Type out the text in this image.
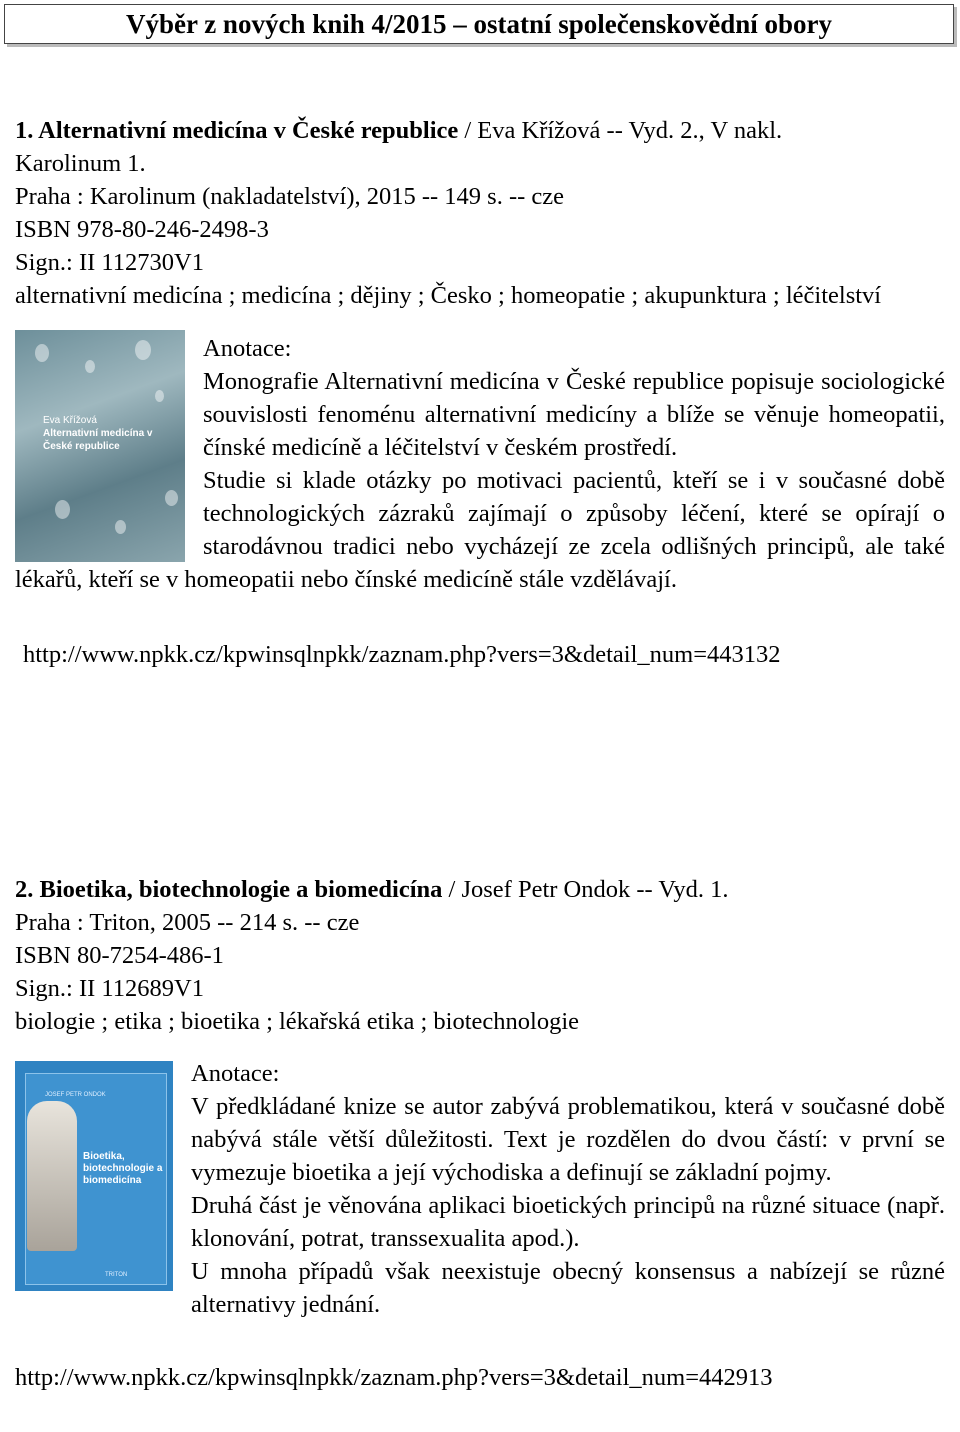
Výběr z nových knih 4/2015 – ostatní společenskovědní obory
1. Alternativní medicína v České republice / Eva Křížová -- Vyd. 2., V nakl.
Karolinum 1.
Praha : Karolinum (nakladatelství), 2015 -- 149 s. -- cze
ISBN 978-80-246-2498-3
Sign.: II 112730V1
alternativní medicína ; medicína ; dějiny ; Česko ; homeopatie ; akupunktura ; léčitelství
Eva Křížová
Alternativní medicína v České republice
Anotace:
Monografie Alternativní medicína v České republice popisuje sociologické souvislosti fenoménu alternativní medicíny a blíže se věnuje homeopatii, čínské medicíně a léčitelství v českém prostředí.
Studie si klade otázky po motivaci pacientů, kteří se i v současné době technologických zázraků zajímají o způsoby léčení, které se opírají o starodávnou tradici nebo vycházejí ze zcela odlišných principů, ale také lékařů, kteří se v homeopatii nebo čínské medicíně stále vzdělávají.
http://www.npkk.cz/kpwinsqlnpkk/zaznam.php?vers=3&detail_num=443132
2. Bioetika, biotechnologie a biomedicína / Josef Petr Ondok -- Vyd. 1.
Praha : Triton, 2005 -- 214 s. -- cze
ISBN 80-7254-486-1
Sign.: II 112689V1
biologie ; etika ; bioetika ; lékařská etika ; biotechnologie
JOSEF PETR ONDOK
Bioetika, biotechnologie a biomedicína
TRITON
Anotace:
V předkládané knize se autor zabývá problematikou, která v současné době nabývá stále větší důležitosti. Text je rozdělen do dvou částí: v první se vymezuje bioetika a její východiska a definují se základní pojmy.
Druhá část je věnována aplikaci bioetických principů na různé situace (např. klonování, potrat, transsexualita apod.).
U mnoha případů však neexistuje obecný konsensus a nabízejí se různé alternativy jednání.
http://www.npkk.cz/kpwinsqlnpkk/zaznam.php?vers=3&detail_num=442913
